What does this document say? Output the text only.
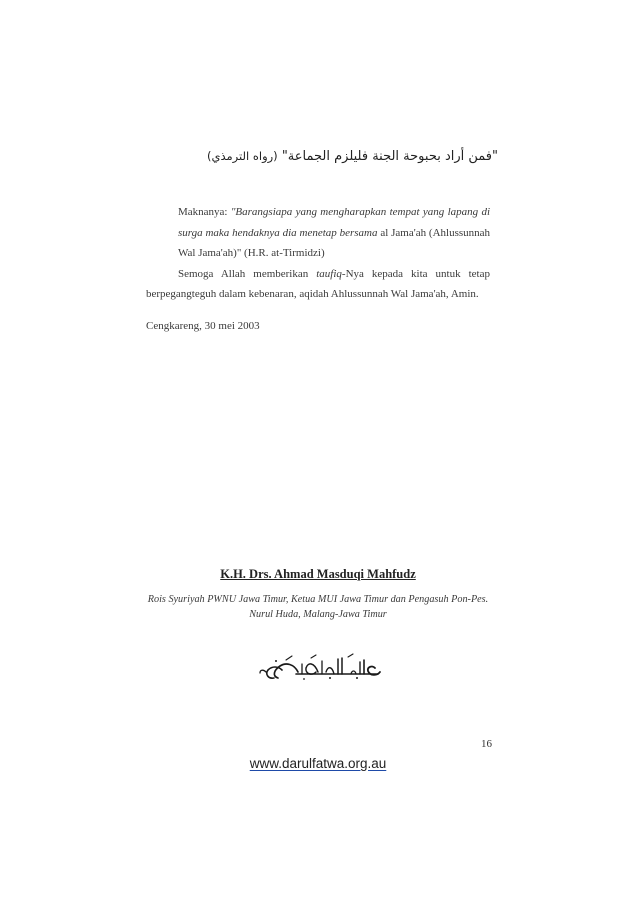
"فمن أراد بحبوحة الجنة فليلزم الجماعة" (رواه الترمذي)

Maknanya: "Barangsiapa yang mengharapkan tempat yang lapang di surga maka hendaknya dia menetap bersama al Jama'ah (Ahlussunnah Wal Jama'ah)" (H.R. at-Tirmidzi)

Semoga Allah memberikan taufiq-Nya kepada kita untuk tetap berpegangteguh dalam kebenaran, aqidah Ahlussunnah Wal Jama'ah, Amin.

Cengkareng, 30 mei 2003
K.H. Drs. Ahmad Masduqi Mahfudz
Rois Syuriyah PWNU Jawa Timur, Ketua MUI Jawa Timur dan Pengasuh Pon-Pes. Nurul Huda, Malang-Jawa Timur
16
www.darulfatwa.org.au
